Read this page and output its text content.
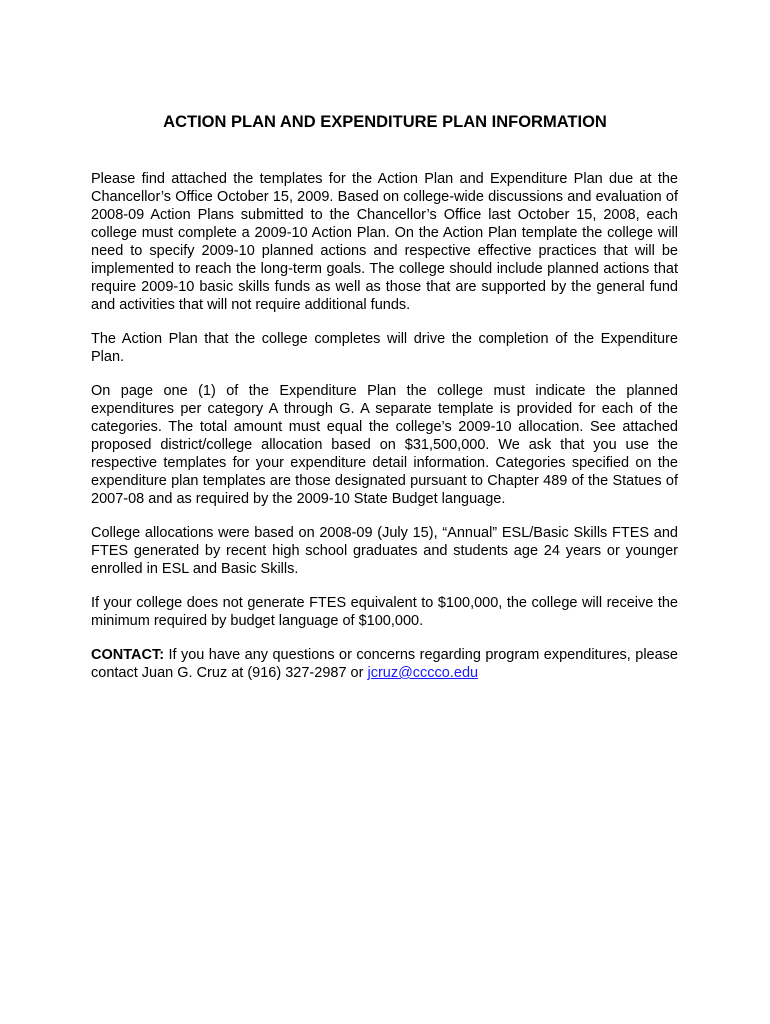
ACTION PLAN AND EXPENDITURE PLAN INFORMATION

Please find attached the templates for the Action Plan and Expenditure Plan due at the Chancellor’s Office October 15, 2009. Based on college-wide discussions and evaluation of 2008-09 Action Plans submitted to the Chancellor’s Office last October 15, 2008, each college must complete a 2009-10 Action Plan. On the Action Plan template the college will need to specify 2009-10 planned actions and respective effective practices that will be implemented to reach the long-term goals. The college should include planned actions that require 2009-10 basic skills funds as well as those that are supported by the general fund and activities that will not require additional funds.

The Action Plan that the college completes will drive the completion of the Expenditure Plan.

On page one (1) of the Expenditure Plan the college must indicate the planned expenditures per category A through G. A separate template is provided for each of the categories. The total amount must equal the college’s 2009-10 allocation. See attached proposed district/college allocation based on $31,500,000. We ask that you use the respective templates for your expenditure detail information. Categories specified on the expenditure plan templates are those designated pursuant to Chapter 489 of the Statues of 2007-08 and as required by the 2009-10 State Budget language.

College allocations were based on 2008-09 (July 15), “Annual” ESL/Basic Skills FTES and FTES generated by recent high school graduates and students age 24 years or younger enrolled in ESL and Basic Skills.

If your college does not generate FTES equivalent to $100,000, the college will receive the minimum required by budget language of $100,000.

CONTACT: If you have any questions or concerns regarding program expenditures, please contact Juan G. Cruz at (916) 327-2987 or jcruz@cccco.edu
